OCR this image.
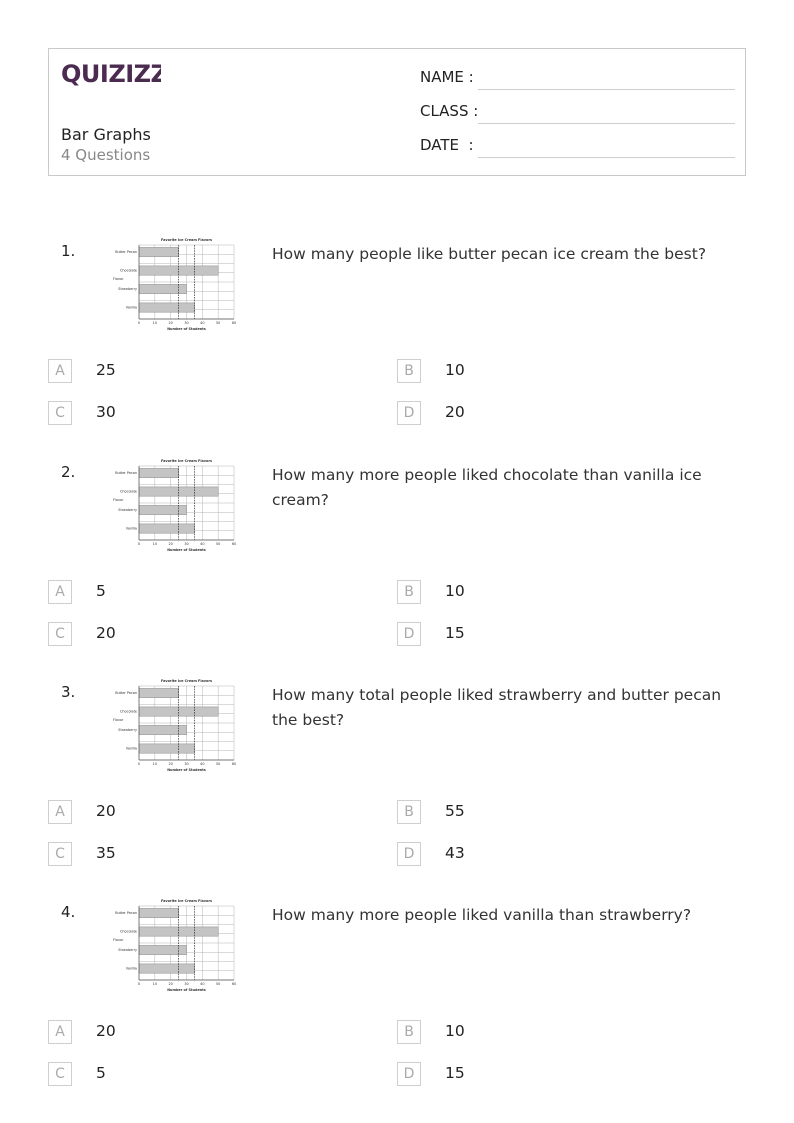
QUIZIZZ
Bar Graphs
4 Questions
NAME :
CLASS :
DATE  :
1.
Favorite Ice Cream Flavors
0	10	20	30	40	50	60
Butter Pecan
Chocolate
Strawberry
Vanilla
Number of Students
Flavor
How many people like butter pecan ice cream the best?
A	25	B	10
C	30	D	20
2.
Favorite Ice Cream Flavors
0	10	20	30	40	50	60
Butter Pecan
Chocolate
Strawberry
Vanilla
Number of Students
Flavor
How many more people liked chocolate than vanilla ice cream?
A	5	B	10
C	20	D	15
3.
Favorite Ice Cream Flavors
0	10	20	30	40	50	60
Butter Pecan
Chocolate
Strawberry
Vanilla
Number of Students
Flavor
How many total people liked strawberry and butter pecan the best?
A	20	B	55
C	35	D	43
4.
Favorite Ice Cream Flavors
0	10	20	30	40	50	60
Butter Pecan
Chocolate
Strawberry
Vanilla
Number of Students
Flavor
How many more people liked vanilla than strawberry?
A	20	B	10
C	5	D	15
